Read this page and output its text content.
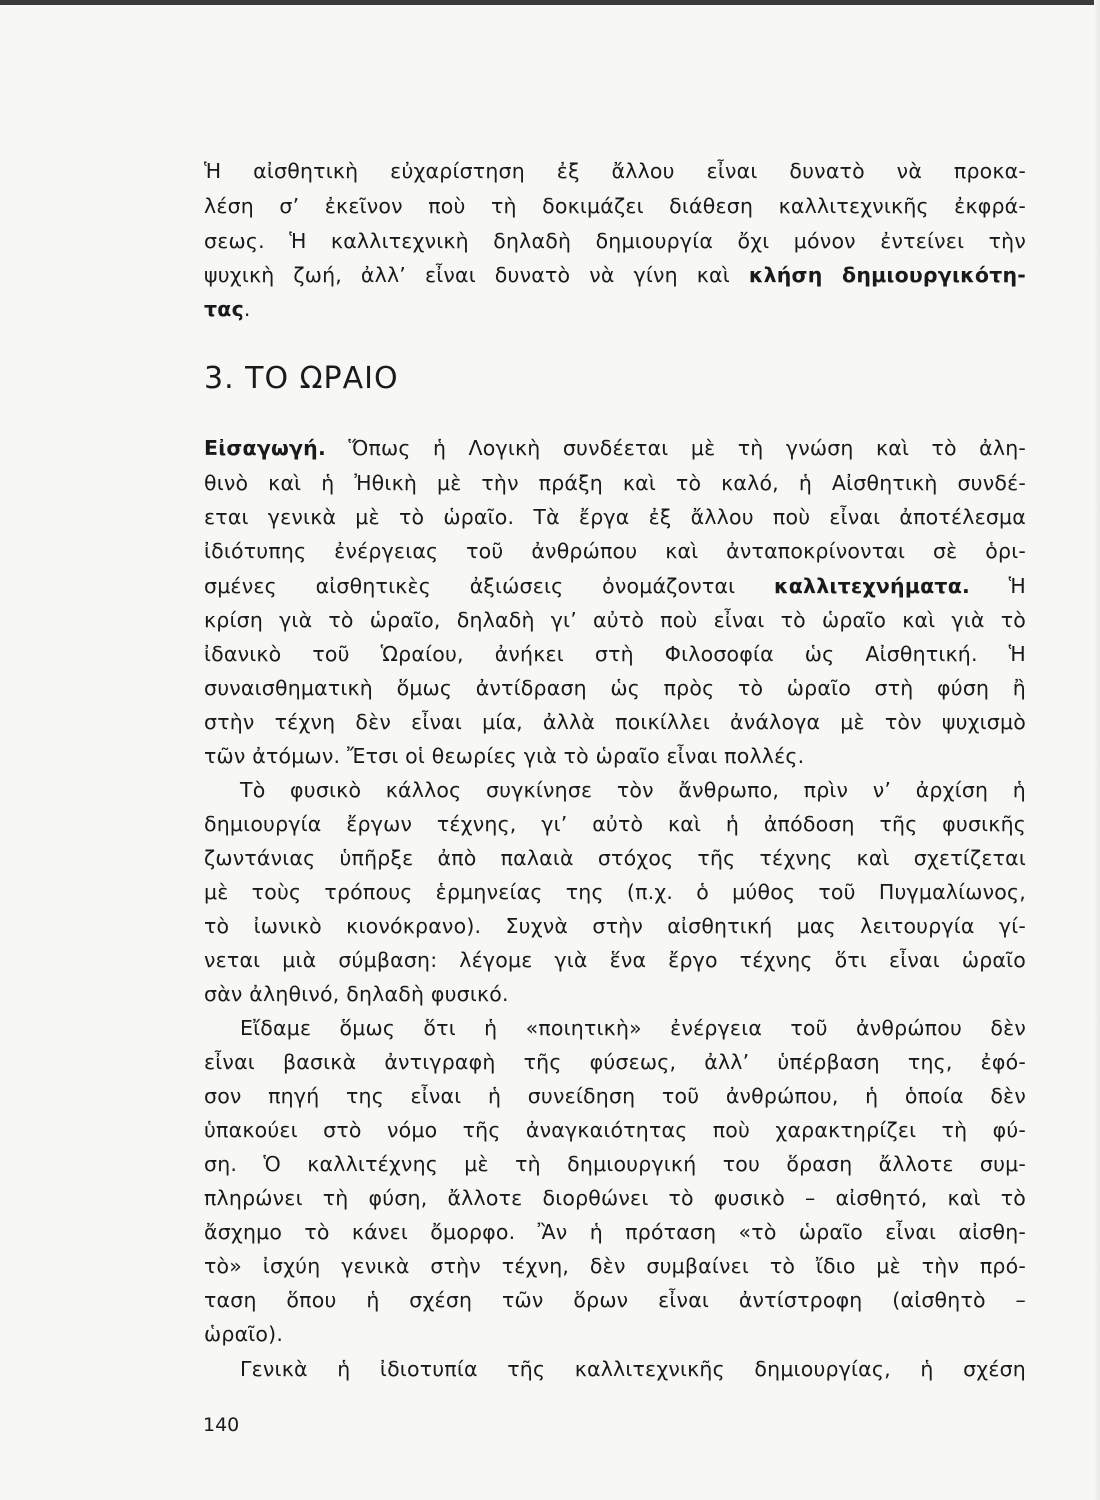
Ἡ αἰσθητικὴ εὐχαρίστηση ἐξ ἄλλου εἶναι δυνατὸ νὰ προκα-
λέση σ’ ἐκεῖνον ποὺ τὴ δοκιμάζει διάθεση καλλιτεχνικῆς ἐκφρά-
σεως. Ἡ καλλιτεχνικὴ δηλαδὴ δημιουργία ὄχι μόνον ἐντείνει τὴν
ψυχικὴ ζωή, ἀλλ’ εἶναι δυνατὸ νὰ γίνη καὶ κλήση δημιουργικότη-
τας.
3. ΤΟ ΩΡΑΙΟ
Εἰσαγωγή. Ὅπως ἡ Λογικὴ συνδέεται μὲ τὴ γνώση καὶ τὸ ἀλη-
θινὸ καὶ ἡ Ἠθικὴ μὲ τὴν πράξη καὶ τὸ καλό, ἡ Αἰσθητικὴ συνδέ-
εται γενικὰ μὲ τὸ ὡραῖο. Τὰ ἔργα ἐξ ἄλλου ποὺ εἶναι ἀποτέλεσμα
ἰδιότυπης ἐνέργειας τοῦ ἀνθρώπου καὶ ἀνταποκρίνονται σὲ ὁρι-
σμένες αἰσθητικὲς ἀξιώσεις ὀνομάζονται καλλιτεχνήματα. Ἡ
κρίση γιὰ τὸ ὡραῖο, δηλαδὴ γι’ αὐτὸ ποὺ εἶναι τὸ ὡραῖο καὶ γιὰ τὸ
ἰδανικὸ τοῦ Ὡραίου, ἀνήκει στὴ Φιλοσοφία ὡς Αἰσθητική. Ἡ
συναισθηματικὴ ὅμως ἀντίδραση ὡς πρὸς τὸ ὡραῖο στὴ φύση ἢ
στὴν τέχνη δὲν εἶναι μία, ἀλλὰ ποικίλλει ἀνάλογα μὲ τὸν ψυχισμὸ
τῶν ἀτόμων. Ἔτσι οἱ θεωρίες γιὰ τὸ ὡραῖο εἶναι πολλές.
Τὸ φυσικὸ κάλλος συγκίνησε τὸν ἄνθρωπο, πρὶν ν’ ἀρχίση ἡ
δημιουργία ἔργων τέχνης, γι’ αὐτὸ καὶ ἡ ἀπόδοση τῆς φυσικῆς
ζωντάνιας ὑπῆρξε ἀπὸ παλαιὰ στόχος τῆς τέχνης καὶ σχετίζεται
μὲ τοὺς τρόπους ἑρμηνείας της (π.χ. ὁ μύθος τοῦ Πυγμαλίωνος,
τὸ ἰωνικὸ κιονόκρανο). Συχνὰ στὴν αἰσθητική μας λειτουργία γί-
νεται μιὰ σύμβαση: λέγομε γιὰ ἕνα ἔργο τέχνης ὅτι εἶναι ὡραῖο
σὰν ἀληθινό, δηλαδὴ φυσικό.
Εἴδαμε ὅμως ὅτι ἡ «ποιητικὴ» ἐνέργεια τοῦ ἀνθρώπου δὲν
εἶναι βασικὰ ἀντιγραφὴ τῆς φύσεως, ἀλλ’ ὑπέρβαση της, ἐφό-
σον πηγή της εἶναι ἡ συνείδηση τοῦ ἀνθρώπου, ἡ ὁποία δὲν
ὑπακούει στὸ νόμο τῆς ἀναγκαιότητας ποὺ χαρακτηρίζει τὴ φύ-
ση. Ὁ καλλιτέχνης μὲ τὴ δημιουργική του ὅραση ἄλλοτε συμ-
πληρώνει τὴ φύση, ἄλλοτε διορθώνει τὸ φυσικὸ – αἰσθητό, καὶ τὸ
ἄσχημο τὸ κάνει ὄμορφο. Ἂν ἡ πρόταση «τὸ ὡραῖο εἶναι αἰσθη-
τὸ» ἰσχύη γενικὰ στὴν τέχνη, δὲν συμβαίνει τὸ ἴδιο μὲ τὴν πρό-
ταση ὅπου ἡ σχέση τῶν ὅρων εἶναι ἀντίστροφη (αἰσθητὸ –
ὡραῖο).
Γενικὰ ἡ ἰδιοτυπία τῆς καλλιτεχνικῆς δημιουργίας, ἡ σχέση
140
